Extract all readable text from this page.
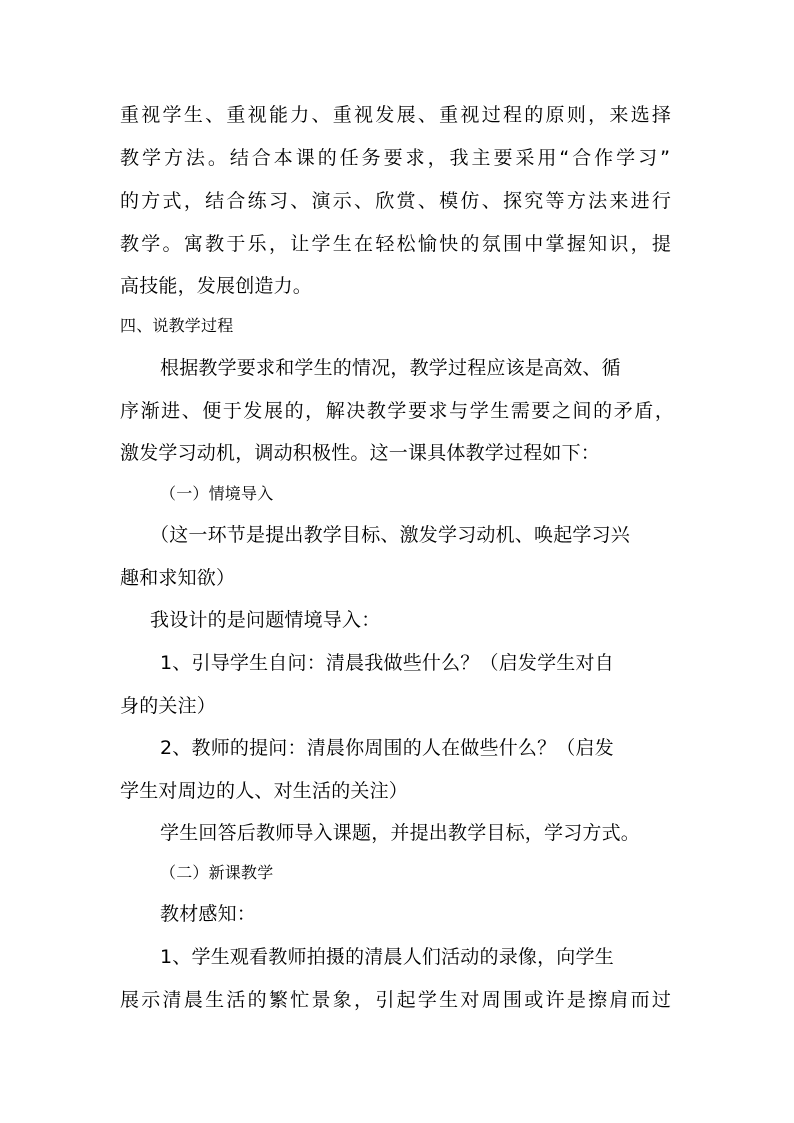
重视学生、重视能力、重视发展、重视过程的原则，来选择
教学方法。结合本课的任务要求，我主要采用“合作学习”
的方式，结合练习、演示、欣赏、模仿、探究等方法来进行
教学。寓教于乐，让学生在轻松愉快的氛围中掌握知识，提
高技能，发展创造力。
四、说教学过程
根据教学要求和学生的情况，教学过程应该是高效、循
序渐进、便于发展的，解决教学要求与学生需要之间的矛盾，
激发学习动机，调动积极性。这一课具体教学过程如下：
（一）情境导入
（这一环节是提出教学目标、激发学习动机、唤起学习兴
趣和求知欲）
我设计的是问题情境导入：
1、引导学生自问：清晨我做些什么？（启发学生对自
身的关注）
2、教师的提问：清晨你周围的人在做些什么？（启发
学生对周边的人、对生活的关注）
学生回答后教师导入课题，并提出教学目标，学习方式。
（二）新课教学
教材感知：
1、学生观看教师拍摄的清晨人们活动的录像，向学生
展示清晨生活的繁忙景象，引起学生对周围或许是擦肩而过
